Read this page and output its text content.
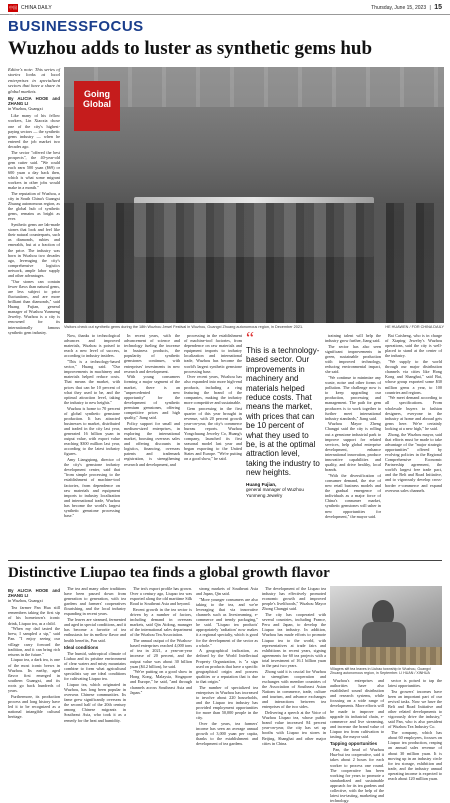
中国日报
CHINA DAILY	Thursday, June 15, 2023 | 15
BUSINESSFOCUS
Wuzhou adds to luster as synthetic gems hub

Editor's note: This series of stories looks at local enterprises in specialized sectors that have a share in global markets.

By ALICIA HOOE and ZHANG LI
in Wuzhou, Guangxi

Like many of his fellow workers, Lin Xiaoxia chose one of the city's highest-paying sectors — the synthetic gems industry — when he entered the job market two decades ago.

The sector "offered the best prospects", the 40-year-old gem cutter said. "We could each earn 500 yuan ($69) or 600 yuan a day back then, which is what some migrant workers in other jobs would make in a month."

The reputation of Wuzhou, a city in South China's Guangxi Zhuang autonomous region, as the global hub of synthetic gems, remains as bright as ever.

Synthetic gems are lab-made stones that look and feel like their natural counterparts, such as diamonds, rubies and emeralds, but at a fraction of the price. The industry was born in Wuzhou two decades ago, leveraging the city's comprehensive logistics network, ample labor supply and other advantages.

"Our stones can contain fewer flaws than natural gems, are less subject to price fluctuations, and are more brilliant than diamonds," said Huang Fujian, general manager of Wuzhou Yunmeng Jewelry. Wuzhou is a city is renowned for its internationally famous synthetic gem industry.

Going Global
Visitors check out synthetic gems during the 18th Wuzhou Jewel Festival in Wuzhou, Guangxi Zhuang autonomous region, in December 2021.	HE HUAWEN / FOR CHINA DAILY

Now, thanks to technological advances and improved materials, Wuzhou is poised to reach a new level of success, according to industry insiders.

"This is a technology-based sector," Huang said. "Our improvements in machinery and materials helped reduce costs. That means the market, with prices that can be 10 percent of what they used to be, and the optimal attraction level, taking the industry to new heights."

Wuzhou is home to 70 percent of global synthetic gemstone production. It has attracted businesses to market, distributed and traded in the city last year, generated 16 billion yuan in output value, with export value reaching $300 million last year, according to the latest industry figures.

Amy Liangqiong, director of the city's gemstone industry development center, said that "from simple processing to the establishment of machine-tool factories, from dependence on raw materials and equipment imports to industry localization and international trade, Wuzhou has become the world's largest synthetic gemstone processing base."

In recent years, with the advancement of science and technology fueling the increase in business products, the popularity of synthetic gemstones continues, with enterprises' investments in new research and development.

With young consumers forming a major segment of the market, there is an "unprecedented new opportunity" for the development of synthetic premium gemstones, offering competitive prices and high quality," Jiang said.

Policy support for small and medium-sized enterprises, in exploring the international market, boosting overseas sales and offering discounts in logistics, financing, overseas patents and trademark registration, is strengthening research and development, and

processing in the establishment of machine-tool factories, from dependence on raw materials and equipment imports to industry localization and international trade, Wuzhou has become the world's largest synthetic gemstone processing base.

Over recent years, Wuzhou has also expanded into more high-end products, including a ring featuring the brand of the companies, making the industry more competitive and sustainable.

Gem processing in the first quarter of this year brought in revenue, with 20 percent growth year-on-year, the city's commerce bureau reports. Wuzhou Yongchuang Jewelry Co, Huang's company, launched its first seasonal model last year and began exporting to the United States and Europe. "We're putting on a good show," he said.

“
This is a technology-based sector. Our improvements in machinery and materials helped reduce costs. That means the market, with prices that can be 10 percent of what they used to be, is at the optimal attraction level, taking the industry to new heights.
Huang Fujian,
general manager of Wuzhou Yunmeng Jewelry

training talent will help the industry grow further, Jiang said.

The sector has also seen significant improvements in green, sustainable production with improved technology, reducing environmental impact, she said.

"We continue to minimize any waste, noise and other forms of pollution. The challenge now is to keep upgrading our production, processing and management. The path for gem producers is to work together to further meet international industry standards," Jiang said.

Wuzhou Mayor Zheng Changpi said the city is rolling out a gemstone industrial park to improve support for related services, help global enterprise development, enhance international innovation, produce innovative capabilities and quality, and drive healthy, local brands.

"With the diversification of consumer demand, the rise of new retail business models and the gradual emergence of individuals as a major force of China's consumer market, synthetic gemstones will usher in new opportunities for development," the mayor said.

Bai Caisheng, who is in charge of Xiaping Jewelry's Wuzhou operations, said the city is well-placed to stand at the center of the industry.

"We supply to the world through our major distribution channels via cities like Hong Kong and Shanghai," said Bai, whose group exported some $30 million gems a year, to 100 countries and regions.

"We meet demand according to all specifications. From wholesale buyers to fashion designers, everyone in the industry at home and abroad gets gems here. We're certainly looking at a new high," he said.

Zhong, the Wuzhou mayor, said that efforts must be made to take advantage of the "major strategic opportunities" offered by evolving policies in the Regional Comprehensive Economic Partnership agreement, the world's largest free trade pact, and the Belt and Road Initiative, and to vigorously develop cross-border e-commerce and expand overseas sales channels.

Distinctive Liupao tea finds a global growth flavor
By ALICIA HOOE and ZHANG LI
in Wuzhou, Guangxi

Tea farmer Pan Hua still remembers taking the first sip of his hometown's iconic drink, Liupao tea, as a child.

"When my dad tasted the brew, I sampled a sip," said Pan. "I enjoy seeing our village carry forward the tradition, and it can bring rich returns in the future."

Liupao tea, a dark tea, is one of the most iconic brews in Wuzhou. Its earthy, aged flavor first emerged in southern Guangxi, and its roots go back hundreds of years.

Furthermore, its production process and long history have led it to be recognized as a national intangible cultural heritage.

The tea and many other traditions have been passed down from generation to generation, with tea gardens and farmers' cooperatives flourishing, and the local industry expanding in recent years.

The leaves are steamed, fermented and aged in special conditions, and it has become a favorite of tea enthusiasts for its mellow flavor and health benefits, Pan said.

Ideal conditions

The humid, subtropical climate of Liubao and its pristine environment of clear waters and misty mountains combine to form what agricultural specialists say are ideal conditions for cultivating Liupao tea.

Liupao tea, which originated in Wuzhou, has long been popular in overseas Chinese communities. Its fame grew significantly overseas in the second half of the 20th century among Chinese migrants in Southeast Asia, who took it as a remedy for the heat and humidity.

The tea's export profile has grown. Over a century ago, Liupao tea was exported along the old maritime Silk Road to Southeast Asia and beyond.

Recent growth in the tea sector is driven by a number of factors, including demand in overseas markets, said Qin Aidong, manager of the international sales department of the Wuzhou Tea Association.

The annual output of the Wuzhou-based enterprises reached 4,000 tons of tea in 2021, a year-on-year increase of 20 percent, and the output value was about 30 billion yuan ($4.2 billion), he said.

"We're putting on a good show in Hong Kong, Malaysia, Singapore and Europe," he said, "and through channels across Southeast Asia and Japan."

strong markets of Southeast Asia and Japan, Qin said.

"More younger consumers are also taking to the tea, and we're leveraging that via innovative channels such as livestreaming, e-commerce and trendy packaging," he said. "Liupao tea products' appropriately 'radiation' now makes it a regional specialty, which is good for the development of the sector as a whole."

A geographical indication, as defined by the World Intellectual Property Organization, is "a sign used on products that have a specific geographical origin and possess qualities or a reputation that is due to that origin."

The number of specialized tea enterprises in Wuzhou has increased to involve about 220 households, and the Liupao tea industry has provided employment opportunities for more than 50,000 people in the city.

Over the years, tea farmers' income has seen an average annual growth of 3,000 yuan per capita, thanks to the establishment and development of tea gardens.

The development of the Liupao tea industry has effectively promoted economic growth and improved people's livelihoods," Wuzhou Mayor Zhong Changpi said.

The city has cooperated with several countries, including France, Peru and Japan, to develop the Liupao tea industry. In addition, Wuzhou has made efforts to promote Liupao tea to the world, with representatives at trade fairs and exhibitions in recent years, signing agreements for 60 tea projects with a total investment of 16.1 billion yuan in the past two years.

Zhong said it is crucial for Wuzhou to strengthen cooperation and exchanges with member countries of the Association of Southeast Asian Nations in commerce, trade, culture and tourism, and advance exchanges and interactions between tea enterprises of the two sides.

Delivering a speech at the Voice of Wuzhou Liupao tea, whose public brand value increased 84 percent year-on-year, the city has set up booths with Liupao tea stores in Beijing, Shanghai and other major cities in China.

Villagers sift tea leaves in Liubao township in Wuzhou, Guangxi Zhuang autonomous region, in September. LI HUAN / XINHUA

Wuzhou's enterprises and authorities have also established sound distribution and research systems, while focusing on a wide range of developments. More efforts will be made to improve and upgrade its industrial chain, e-commerce and live streaming, and increase the brand value of Liupao tea from cultivation to tasting, the mayor said.

Tapping opportunities

Pan, the head of Wuzhou Hua-hui tea cooperative, said it takes about 2 hours for each worker to process one round. The cooperative has been working for years to promote a standardized and sustainable approach for its tea gardens and collective, with the help of the latest tea-tasting, marketing and technology.

sector is poised to tap the latest opportunities.

Tea growers' incomes have been an important part of our revival tasks. Now we have the Belt and Road Initiative and other related developments to vigorously drive the industry," said Pan, who is also president of Wuzhou Tea Industry Co.

The company, which has about 60 employees, focuses on Liupao tea production, reaping an annual sales revenue of about 30 million yuan. It is moving up in an industry circle for tea storage, exhibition and trade, and the industry annual operating income is expected to reach about 120 million yuan.
